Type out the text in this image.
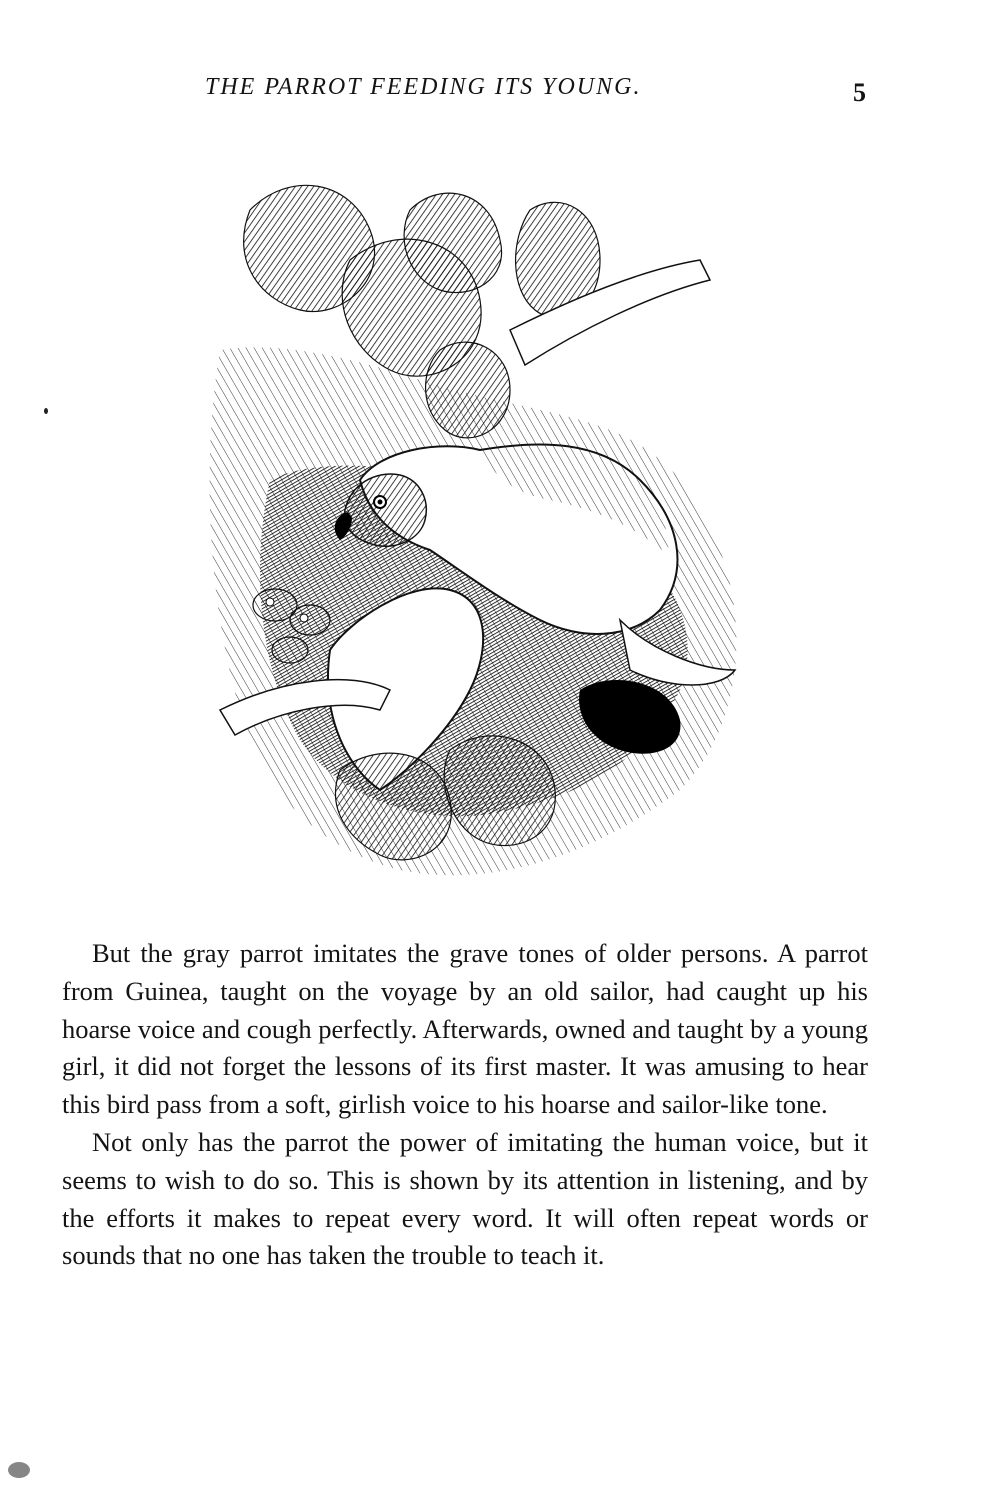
THE PARROT FEEDING ITS YOUNG.	5

But the gray parrot imitates the grave tones of older persons. A parrot from Guinea, taught on the voyage by an old sailor, had caught up his hoarse voice and cough perfectly. Afterwards, owned and taught by a young girl, it did not forget the lessons of its first master. It was amusing to hear this bird pass from a soft, girlish voice to his hoarse and sailor-like tone.

Not only has the parrot the power of imitating the human voice, but it seems to wish to do so. This is shown by its attention in listening, and by the efforts it makes to repeat every word. It will often repeat words or sounds that no one has taken the trouble to teach it.
